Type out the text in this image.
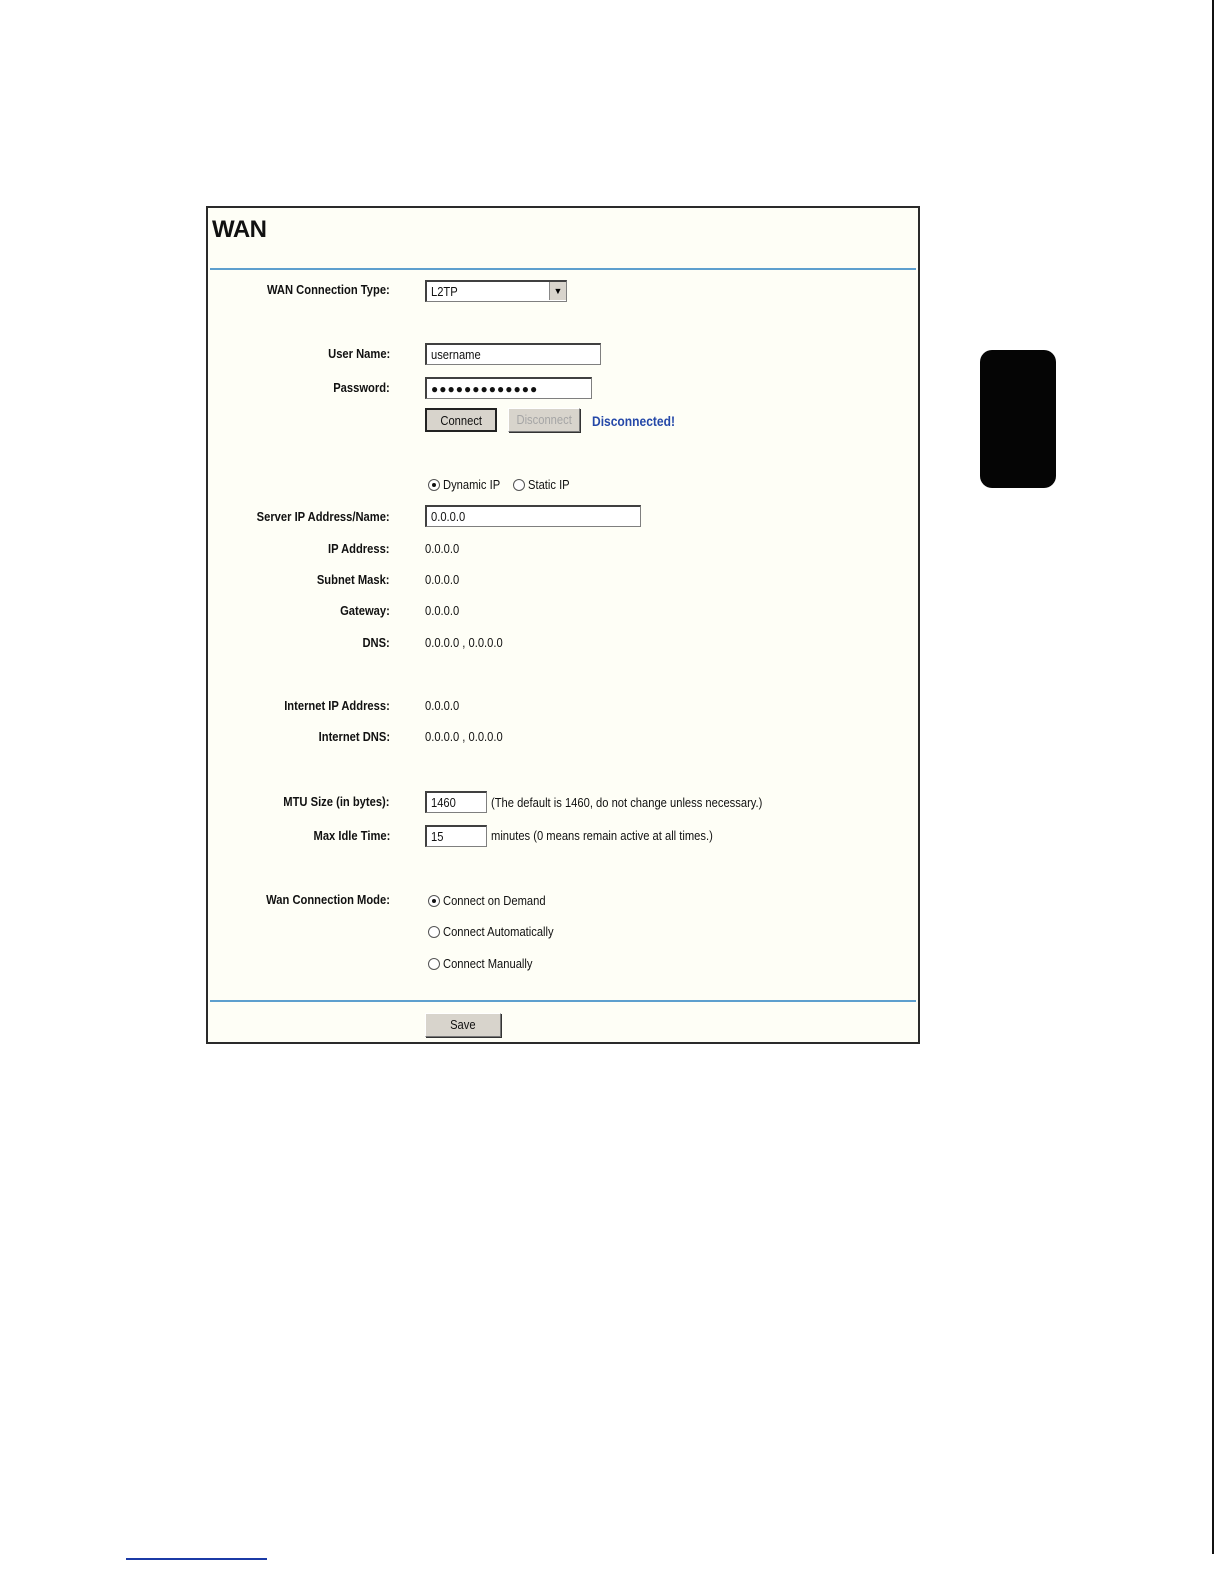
WAN
WAN Connection Type:	L2TP	▼
User Name:	username
Password:	●●●●●●●●●●●●●
Connect	Disconnect	Disconnected!
Dynamic IP Static IP
Server IP Address/Name:	0.0.0.0
IP Address:	0.0.0.0
Subnet Mask:	0.0.0.0
Gateway:	0.0.0.0
DNS:	0.0.0.0 , 0.0.0.0
Internet IP Address:	0.0.0.0
Internet DNS:	0.0.0.0 , 0.0.0.0
MTU Size (in bytes):	1460	(The default is 1460, do not change unless necessary.)
Max Idle Time:	15	minutes (0 means remain active at all times.)
Wan Connection Mode:	Connect on Demand
Connect Automatically
Connect Manually
Save
